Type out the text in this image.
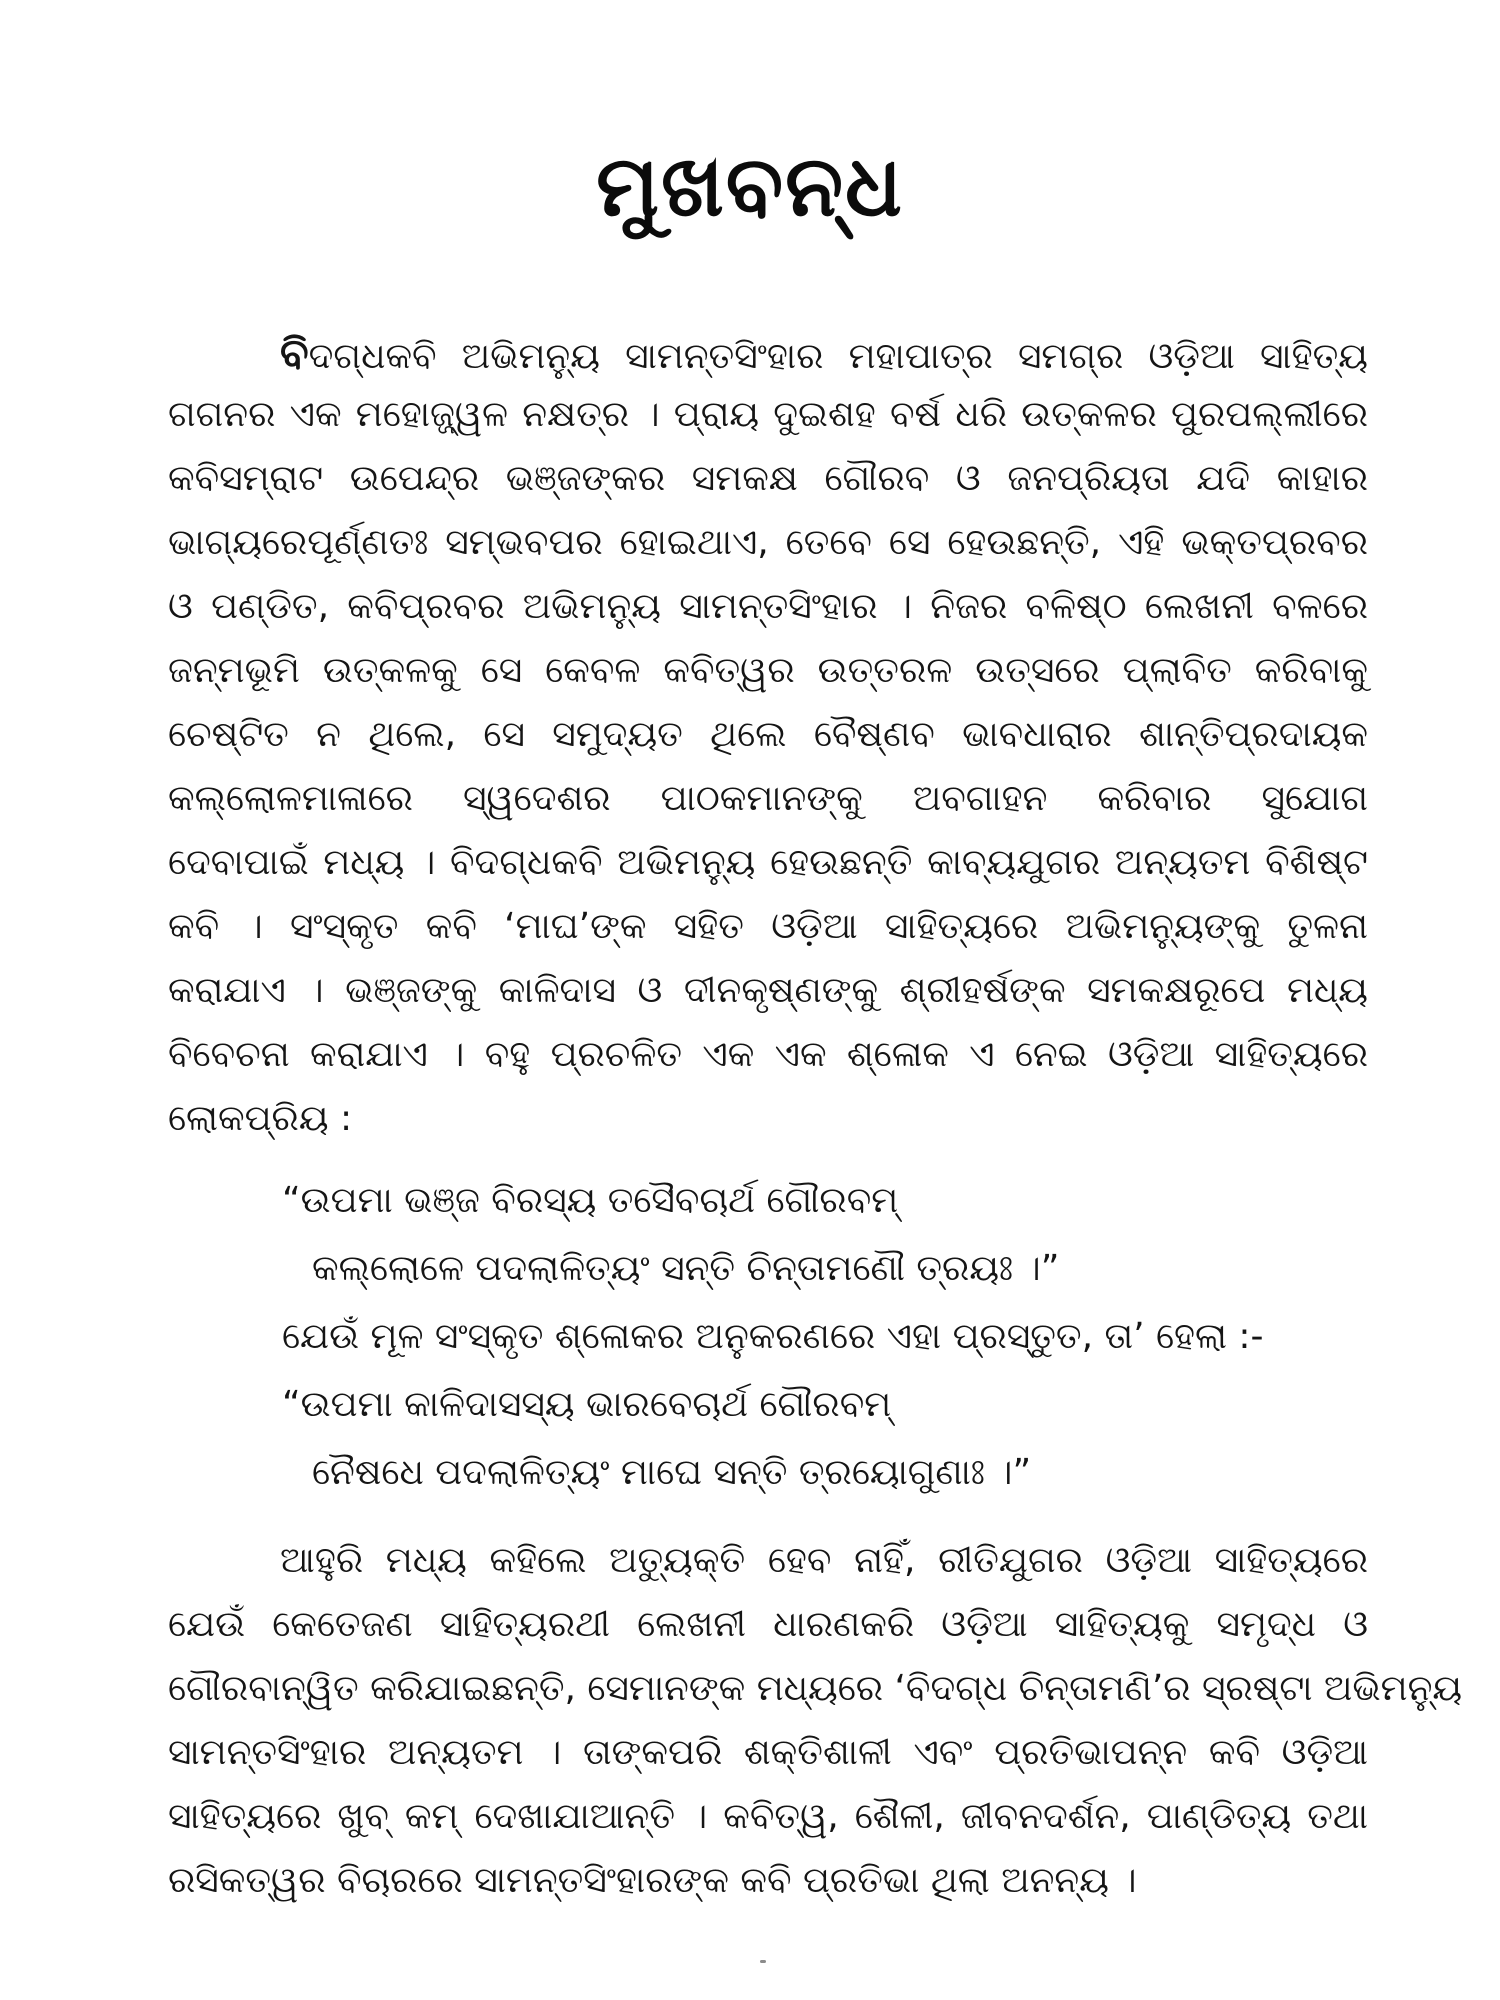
ମୁଖବନ୍ଧ
ବିଦଗ୍ଧକବି ଅଭିମନ୍ୟୁ ସାମନ୍ତସିଂହାର ମହାପାତ୍ର ସମଗ୍ର ଓଡ଼ିଆ ସାହିତ୍ୟ
ଗଗନର ଏକ ମହୋଜ୍ଜ୍ୱଳ ନକ୍ଷତ୍ର । ପ୍ରାୟ ଦୁଇଶହ ବର୍ଷ ଧରି ଉତ୍କଳର ପୁରପଲ୍ଲୀରେ
କବିସମ୍ରାଟ ଉପେନ୍ଦ୍ର ଭଞ୍ଜଙ୍କର ସମକକ୍ଷ ଗୌରବ ଓ ଜନପ୍ରିୟତା ଯଦି କାହାର
ଭାଗ୍ୟରେପୂର୍ଣ୍ଣତଃ ସମ୍ଭବପର ହୋଇଥାଏ, ତେବେ ସେ ହେଉଛନ୍ତି, ଏହି ଭକ୍ତପ୍ରବର
ଓ ପଣ୍ଡିତ, କବିପ୍ରବର ଅଭିମନ୍ୟୁ ସାମନ୍ତସିଂହାର । ନିଜର ବଳିଷ୍ଠ ଲେଖନୀ ବଳରେ
ଜନ୍ମଭୂମି ଉତ୍କଳକୁ ସେ କେବଳ କବିତ୍ୱର ଉତ୍ତରଳ ଉତ୍ସରେ ପ୍ଲାବିତ କରିବାକୁ
ଚେଷ୍ଟିତ ନ ଥିଲେ, ସେ ସମୁଦ୍ୟତ ଥିଲେ ବୈଷ୍ଣବ ଭାବଧାରାର ଶାନ୍ତିପ୍ରଦାୟକ
କଲ୍ଲୋଳମାଳାରେ ସ୍ୱଦେଶର ପାଠକମାନଙ୍କୁ ଅବଗାହନ କରିବାର ସୁଯୋଗ
ଦେବାପାଇଁ ମଧ୍ୟ । ବିଦଗ୍ଧକବି ଅଭିମନ୍ୟୁ ହେଉଛନ୍ତି କାବ୍ୟଯୁଗର ଅନ୍ୟତମ ବିଶିଷ୍ଟ
କବି । ସଂସ୍କୃତ କବି ‘ମାଘ’ଙ୍କ ସହିତ ଓଡ଼ିଆ ସାହିତ୍ୟରେ ଅଭିମନ୍ୟୁଙ୍କୁ ତୁଳନା
କରାଯାଏ । ଭଞ୍ଜଙ୍କୁ କାଳିଦାସ ଓ ଦୀନକୃଷ୍ଣଙ୍କୁ ଶ୍ରୀହର୍ଷଙ୍କ ସମକକ୍ଷରୂପେ ମଧ୍ୟ
ବିବେଚନା କରାଯାଏ । ବହୁ ପ୍ରଚଳିତ ଏକ ଏକ ଶ୍ଳୋକ ଏ ନେଇ ଓଡ଼ିଆ ସାହିତ୍ୟରେ
ଲୋକପ୍ରିୟ :
“ଉପମା ଭଞ୍ଜ ବିରସ୍ୟ ତସୈବଚାର୍ଥ ଗୌରବମ୍
କଲ୍ଲୋଳେ ପଦଲାଳିତ୍ୟଂ ସନ୍ତି ଚିନ୍ତାମଣୌ ତ୍ରୟଃ ।”
ଯେଉଁ ମୂଳ ସଂସ୍କୃତ ଶ୍ଳୋକର ଅନୁକରଣରେ ଏହା ପ୍ରସ୍ତୁତ, ତା’ ହେଲା :-
“ଉପମା କାଳିଦାସସ୍ୟ ଭାରବେଚାର୍ଥ ଗୌରବମ୍
ନୈଷଧେ ପଦଲାଳିତ୍ୟଂ ମାଘେ ସନ୍ତି ତ୍ରୟୋଗୁଣାଃ ।”
ଆହୁରି ମଧ୍ୟ କହିଲେ ଅତ୍ୟୁକ୍ତି ହେବ ନାହିଁ, ରୀତିଯୁଗର ଓଡ଼ିଆ ସାହିତ୍ୟରେ
ଯେଉଁ କେତେଜଣ ସାହିତ୍ୟରଥୀ ଲେଖନୀ ଧାରଣକରି ଓଡ଼ିଆ ସାହିତ୍ୟକୁ ସମୃଦ୍ଧ ଓ
ଗୌରବାନ୍ୱିତ କରିଯାଇଛନ୍ତି, ସେମାନଙ୍କ ମଧ୍ୟରେ ‘ବିଦଗ୍ଧ ଚିନ୍ତାମଣି’ର ସ୍ରଷ୍ଟା ଅଭିମନ୍ୟୁ
ସାମନ୍ତସିଂହାର ଅନ୍ୟତମ । ତାଙ୍କପରି ଶକ୍ତିଶାଳୀ ଏବଂ ପ୍ରତିଭାପନ୍ନ କବି ଓଡ଼ିଆ
ସାହିତ୍ୟରେ ଖୁବ୍ କମ୍ ଦେଖାଯାଆନ୍ତି । କବିତ୍ୱ, ଶୈଳୀ, ଜୀବନଦର୍ଶନ, ପାଣ୍ଡିତ୍ୟ ତଥା
ରସିକତ୍ୱର ବିଚାରରେ ସାମନ୍ତସିଂହାରଙ୍କ କବି ପ୍ରତିଭା ଥିଲା ଅନନ୍ୟ ।
